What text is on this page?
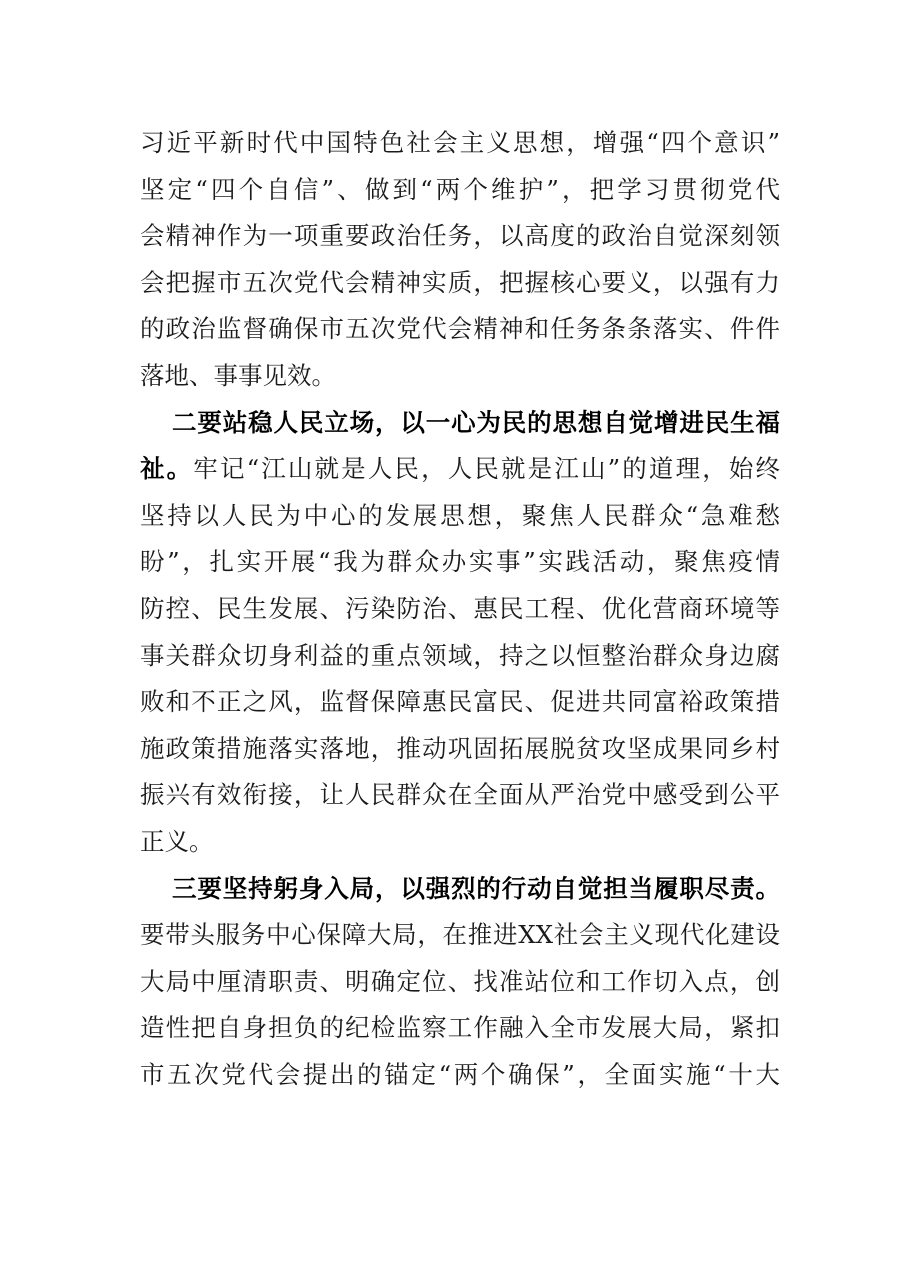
习近平新时代中国特色社会主义思想，增强“四个意识”
坚定“四个自信”、做到“两个维护”，把学习贯彻党代
会精神作为一项重要政治任务，以高度的政治自觉深刻领
会把握市五次党代会精神实质，把握核心要义，以强有力
的政治监督确保市五次党代会精神和任务条条落实、件件
落地、事事见效。
二要站稳人民立场，以一心为民的思想自觉增进民生福
祉。牢记“江山就是人民，人民就是江山”的道理，始终
坚持以人民为中心的发展思想，聚焦人民群众“急难愁
盼”，扎实开展“我为群众办实事”实践活动，聚焦疫情
防控、民生发展、污染防治、惠民工程、优化营商环境等
事关群众切身利益的重点领域，持之以恒整治群众身边腐
败和不正之风，监督保障惠民富民、促进共同富裕政策措
施政策措施落实落地，推动巩固拓展脱贫攻坚成果同乡村
振兴有效衔接，让人民群众在全面从严治党中感受到公平
正义。
三要坚持躬身入局，以强烈的行动自觉担当履职尽责。
要带头服务中心保障大局，在推进XX社会主义现代化建设
大局中厘清职责、明确定位、找准站位和工作切入点，创
造性把自身担负的纪检监察工作融入全市发展大局，紧扣
市五次党代会提出的锚定“两个确保”，全面实施“十大
